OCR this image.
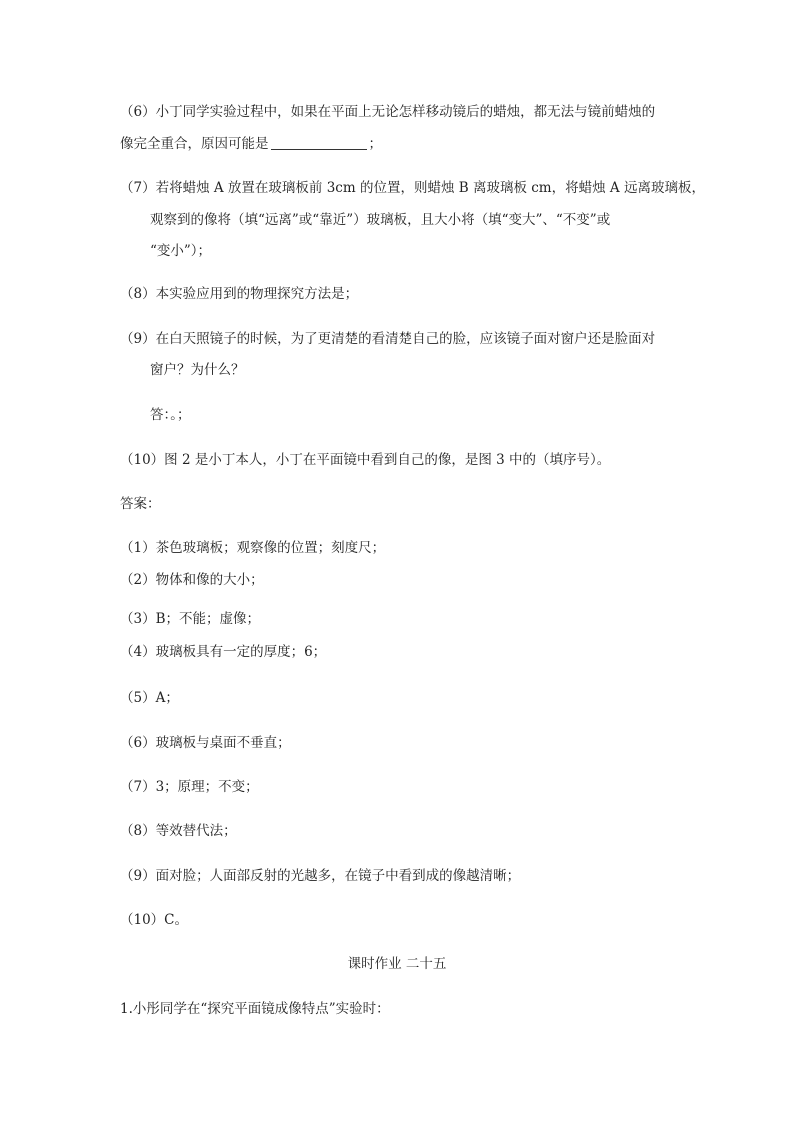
（6）小丁同学实验过程中，如果在平面上无论怎样移动镜后的蜡烛，都无法与镜前蜡烛的
像完全重合，原因可能是	；
（7）若将蜡烛 A 放置在玻璃板前 3cm 的位置，则蜡烛 B 离玻璃板 cm，将蜡烛 A 远离玻璃板，
观察到的像将（填“远离”或“靠近”）玻璃板，且大小将（填“变大”、“不变”或
“变小”）；
（8）本实验应用到的物理探究方法是；
（9）在白天照镜子的时候，为了更清楚的看清楚自己的脸，应该镜子面对窗户还是脸面对
窗户？为什么？
答：。；
（10）图 2 是小丁本人，小丁在平面镜中看到自己的像，是图 3 中的（填序号）。
答案：
（1）茶色玻璃板；观察像的位置；刻度尺；
（2）物体和像的大小；
（3）B；不能；虚像；
（4）玻璃板具有一定的厚度；6；
（5）A；
（6）玻璃板与桌面不垂直；
（7）3；原理；不变；
（8）等效替代法；
（9）面对脸；人面部反射的光越多，在镜子中看到成的像越清晰；
（10）C。
课时作业 二十五
1.小彤同学在“探究平面镜成像特点”实验时：
